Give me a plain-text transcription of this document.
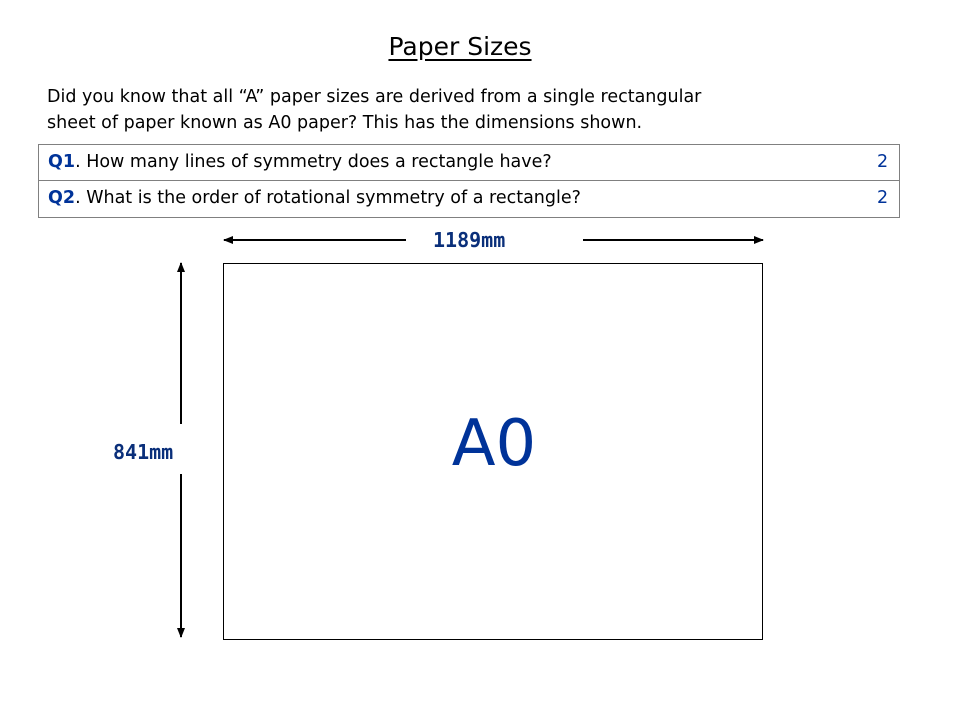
Paper Sizes
Did you know that all “A” paper sizes are derived from a single rectangular
sheet of paper known as A0 paper? This has the dimensions shown.
Q1. How many lines of symmetry does a rectangle have?	2
Q2. What is the order of rotational symmetry of a rectangle?	2
1189mm
841mm	A0
